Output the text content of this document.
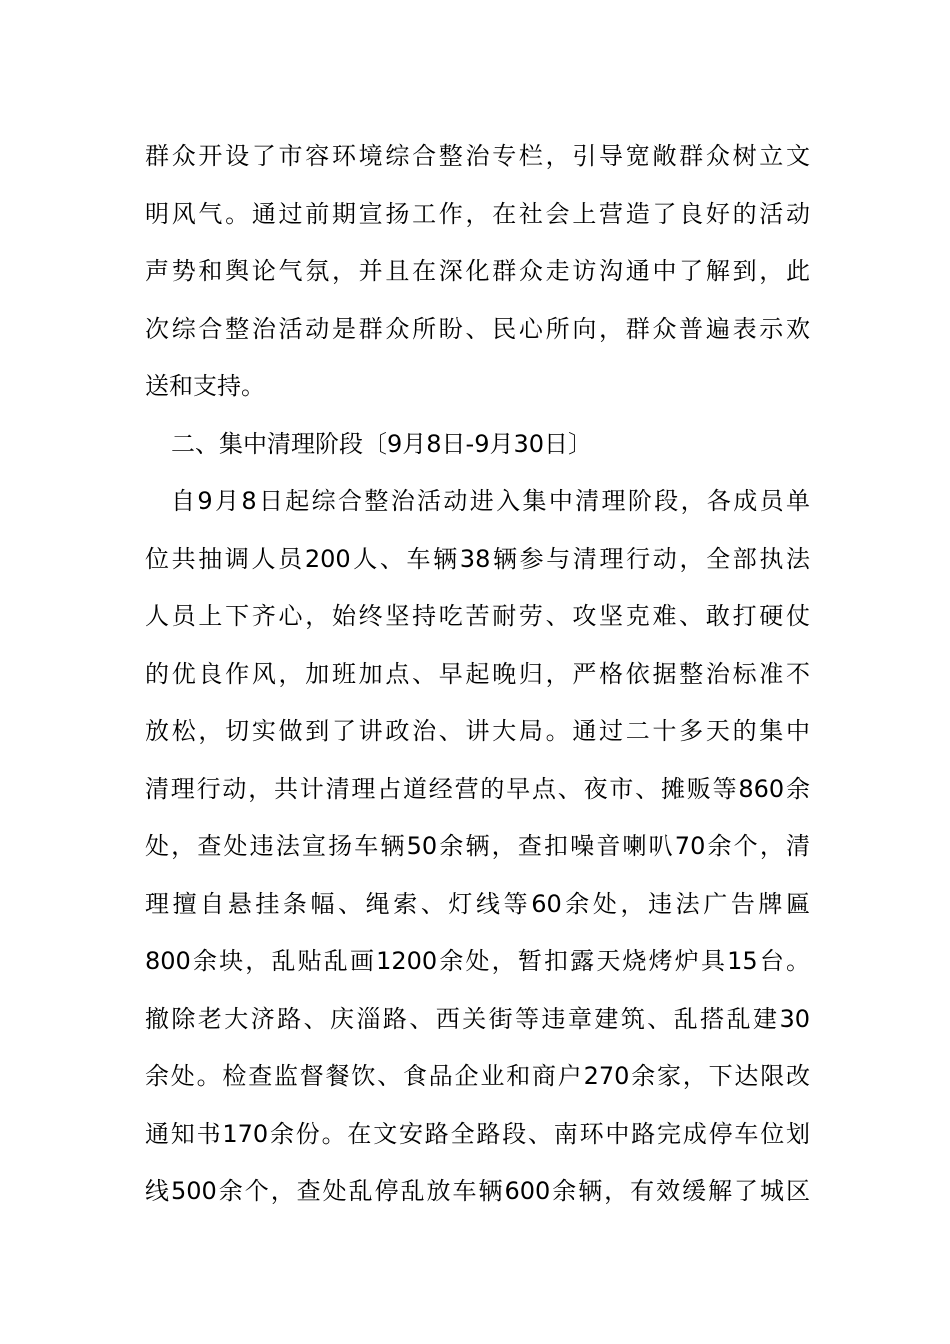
群众开设了市容环境综合整治专栏，引导宽敞群众树立文
明风气。通过前期宣扬工作，在社会上营造了良好的活动
声势和舆论气氛，并且在深化群众走访沟通中了解到，此
次综合整治活动是群众所盼、民心所向，群众普遍表示欢
送和支持。
二、集中清理阶段〔9月8日-9月30日〕
自9月8日起综合整治活动进入集中清理阶段，各成员单
位共抽调人员200人、车辆38辆参与清理行动，全部执法
人员上下齐心，始终坚持吃苦耐劳、攻坚克难、敢打硬仗
的优良作风，加班加点、早起晚归，严格依据整治标准不
放松，切实做到了讲政治、讲大局。通过二十多天的集中
清理行动，共计清理占道经营的早点、夜市、摊贩等860余
处，查处违法宣扬车辆50余辆，查扣噪音喇叭70余个，清
理擅自悬挂条幅、绳索、灯线等60余处，违法广告牌匾
800余块，乱贴乱画1200余处，暂扣露天烧烤炉具15台。
撤除老大济路、庆淄路、西关街等违章建筑、乱搭乱建30
余处。检查监督餐饮、食品企业和商户270余家，下达限改
通知书170余份。在文安路全路段、南环中路完成停车位划
线500余个，查处乱停乱放车辆600余辆，有效缓解了城区
